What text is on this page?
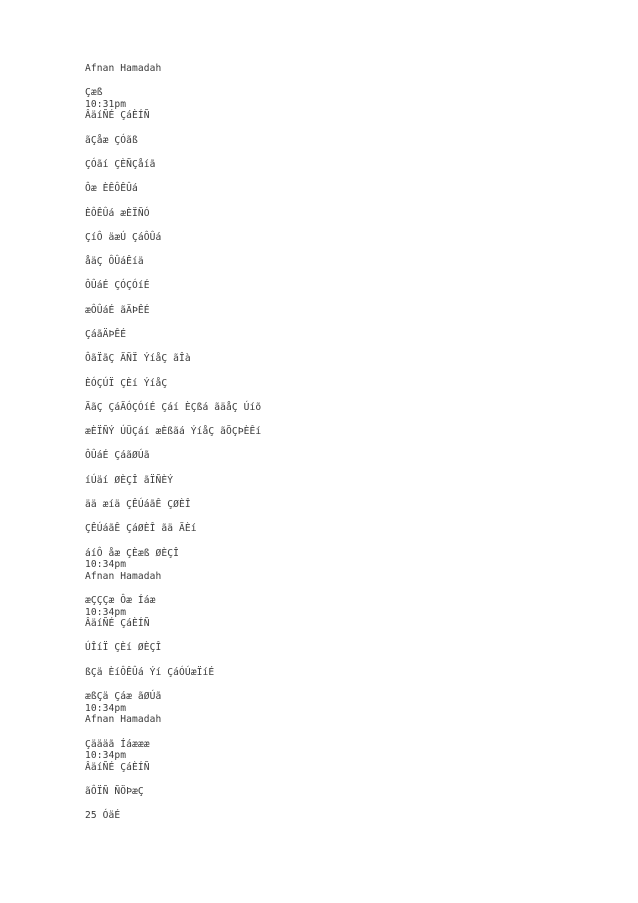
Afnan Hamadah
Çæß
10:31pm
ÂäíÑÉ ÇáÈÍÑ
ãÇåæ ÇÓãß
ÇÓãí ÇÈÑÇåíã
Ôæ ÈÊÔÊÛá
ÈÔÊÛá æÈÏÑÓ
ÇíÔ äæÚ ÇáÔÛá
åäÇ ÔÛáÊíä
ÔÛáÉ ÇÓÇÓíÉ
æÔÛáÉ ãÄÞÊÉ
ÇáãÄÞÊÉ
ÔãÏãÇ ÃÑÏ ÝíåÇ ãÎà
ÈÓÇÚÏ ÇÈí ÝíåÇ
ÃãÇ ÇáÃÓÇÓíÉ Çáí ÈÇßá ãäåÇ Úíõ
æÈÏÑÝ ÚÜÇáí æÈßãá ÝíåÇ ãÕÇÞÈÊí
ÔÛáÉ ÇáãØÚã
íÚäí ØÈÇÎ ãÏÑÈÝ
ää æíä ÇÊÚáãÊ ÇØÈÎ
ÇÊÚáãÊ ÇáØÈÎ ãä ÃÈí
áíÔ åæ ÇÈæß ØÈÇÎ
10:34pm
Afnan Hamadah
æÇÇÇæ Ôæ Íáæ
10:34pm
ÂäíÑÉ ÇáÈÍÑ
ÚÎíÏ ÇÈí ØÈÇÎ
ßÇä ÈíÔÊÛá Ýí ÇáÓÚæÏíÉ
æßÇä Çáæ ãØÚã
10:34pm
Afnan Hamadah
Çäääã Íáæææ
10:34pm
ÂäíÑÉ ÇáÈÍÑ
ãÔÏÑ ÑÖÞæÇ
25 ÓäÉ
